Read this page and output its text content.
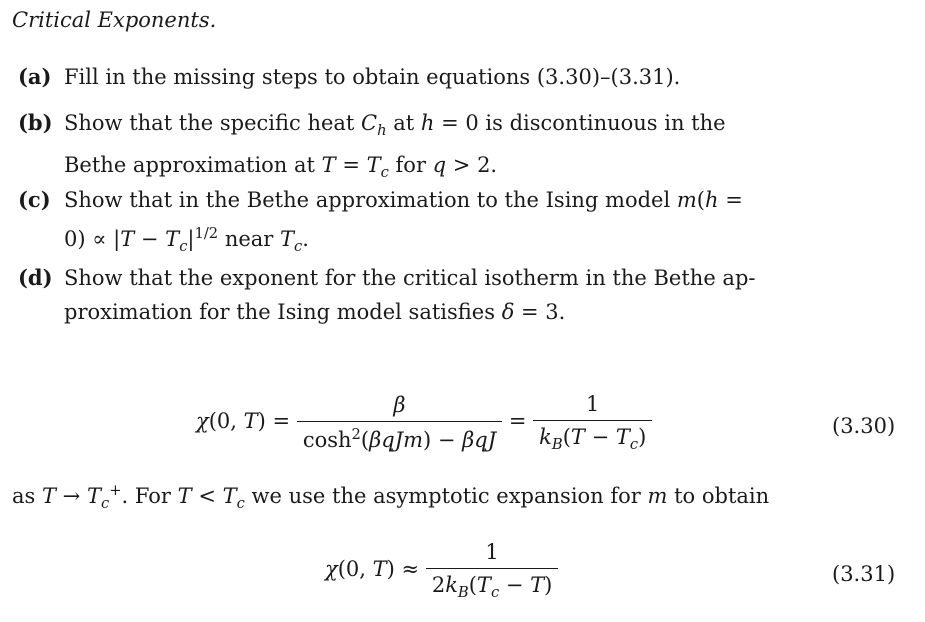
Critical Exponents.
(a) Fill in the missing steps to obtain equations (3.30)–(3.31).
(b) Show that the specific heat $C_h$ at h = 0 is discontinuous in the
Bethe approximation at $T = T_c$ for q > 2.
(c) Show that in the Bethe approximation to the Ising model m(h =
$0) \propto |T - T_c|^{1/2}$ near $T_c$.
(d) Show that the exponent for the critical isotherm in the Bethe ap-
proximation for the Ising model satisfies δ = 3.
χ(0, $T) = \frac{\beta}{\cosh^2(\beta qJm) - \beta qJ} = \frac{1}{k_B(T - T_c)}$	(3.30)
as $T \to T_c^+$. For $T < T_c$ we use the asymptotic expansion for m to obtain
χ(0, $T) \approx \frac{1}{2k_B(T_c - T)}$	(3.31)
